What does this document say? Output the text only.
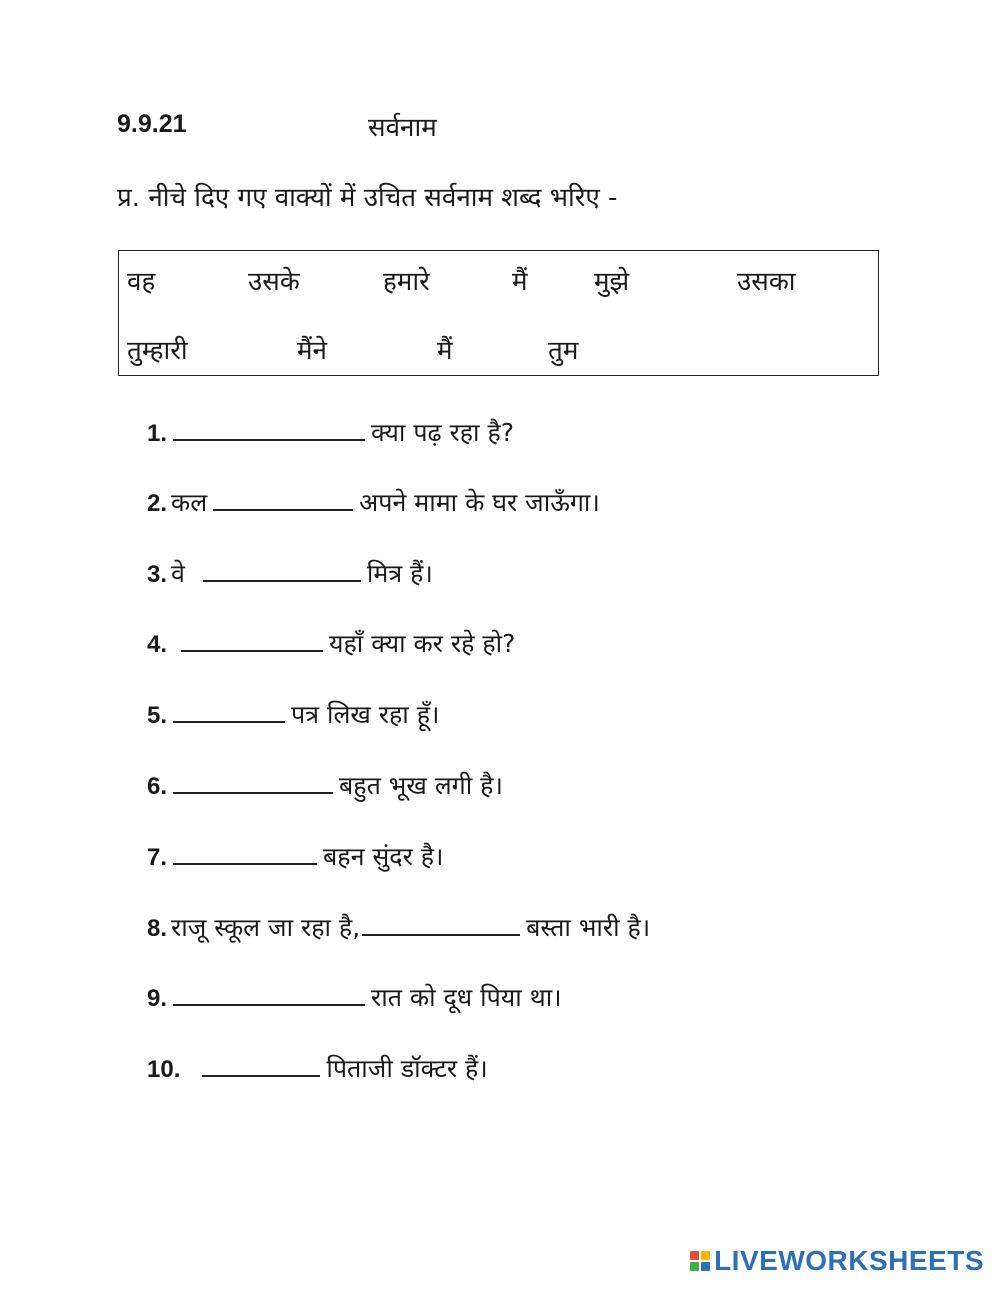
9.9.21	सर्वनाम
प्र. नीचे दिए गए वाक्यों में उचित सर्वनाम शब्द भरिए -
वह	उसके	हमारे	मैं	मुझे	उसका
तुम्हारी	मैंने	मैं	तुम
1.	क्या पढ़ रहा है?
2. कल	अपने मामा के घर जाऊँगा।
3. वे	मित्र हैं।
4.	यहाँ क्या कर रहे हो?
5.	पत्र लिख रहा हूँ।
6.	बहुत भूख लगी है।
7.	बहन सुंदर है।
8. राजू स्कूल जा रहा है,	बस्ता भारी है।
9.	रात को दूध पिया था।
10.	पिताजी डॉक्टर हैं।
LIVEWORKSHEETS
